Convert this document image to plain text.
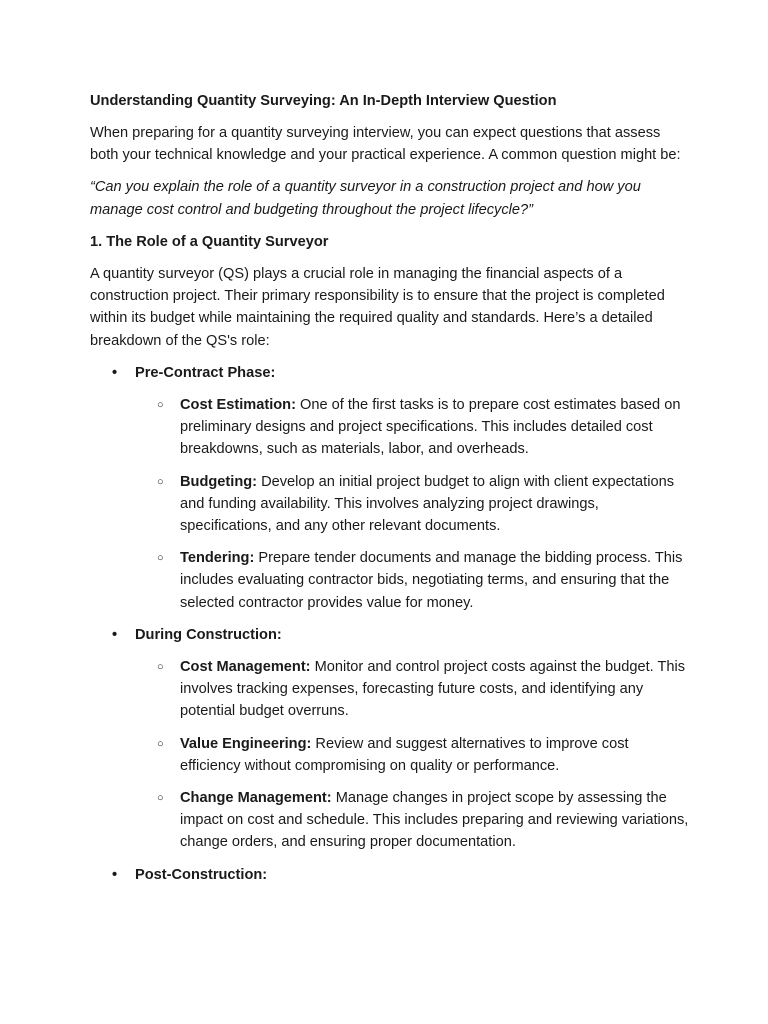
Understanding Quantity Surveying: An In-Depth Interview Question

When preparing for a quantity surveying interview, you can expect questions that assess both your technical knowledge and your practical experience. A common question might be:

“Can you explain the role of a quantity surveyor in a construction project and how you manage cost control and budgeting throughout the project lifecycle?”

1. The Role of a Quantity Surveyor

A quantity surveyor (QS) plays a crucial role in managing the financial aspects of a construction project. Their primary responsibility is to ensure that the project is completed within its budget while maintaining the required quality and standards. Here’s a detailed breakdown of the QS's role:

• Pre-Contract Phase:
○ Cost Estimation: One of the first tasks is to prepare cost estimates based on preliminary designs and project specifications. This includes detailed cost breakdowns, such as materials, labor, and overheads.
○ Budgeting: Develop an initial project budget to align with client expectations and funding availability. This involves analyzing project drawings, specifications, and any other relevant documents.
○ Tendering: Prepare tender documents and manage the bidding process. This includes evaluating contractor bids, negotiating terms, and ensuring that the selected contractor provides value for money.
• During Construction:
○ Cost Management: Monitor and control project costs against the budget. This involves tracking expenses, forecasting future costs, and identifying any potential budget overruns.
○ Value Engineering: Review and suggest alternatives to improve cost efficiency without compromising on quality or performance.
○ Change Management: Manage changes in project scope by assessing the impact on cost and schedule. This includes preparing and reviewing variations, change orders, and ensuring proper documentation.
• Post-Construction:
